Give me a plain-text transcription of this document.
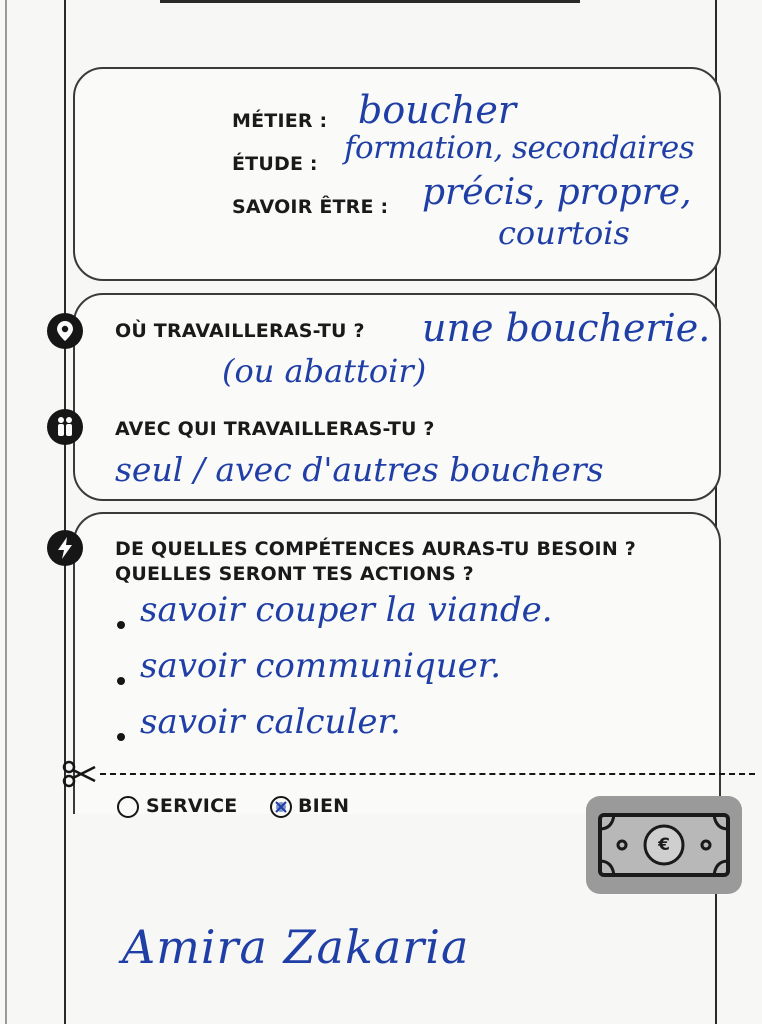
MÉTIER : boucher
ÉTUDE : formation, secondaires
SAVOIR ÊTRE : précis, propre,
courtois
OÙ TRAVAILLERAS-TU ? une boucherie.
(ou abattoir)
AVEC QUI TRAVAILLERAS-TU ?
seul / avec d'autres bouchers
DE QUELLES COMPÉTENCES AURAS-TU BESOIN ?
QUELLES SERONT TES ACTIONS ?
savoir couper la viande.
savoir communiquer.
savoir calculer.
SERVICE	BIEN
€
Amira Zakaria
